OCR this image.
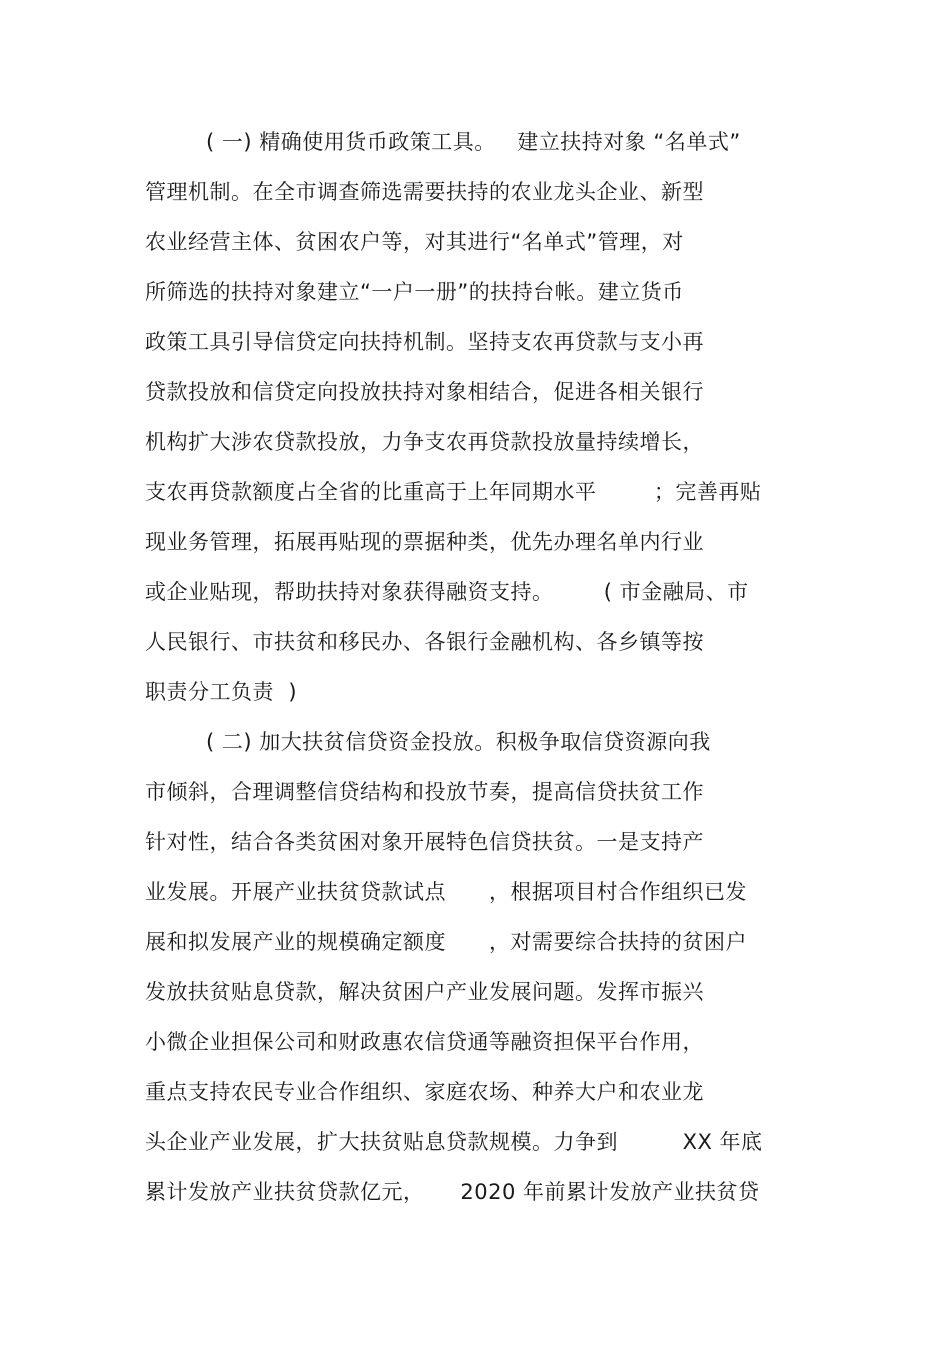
( 一) 精确使用货币政策工具。   建立扶持对象 “名单式”
管理机制。在全市调查筛选需要扶持的农业龙头企业、新型
农业经营主体、贫困农户等，对其进行“名单式”管理，对
所筛选的扶持对象建立“一户一册”的扶持台帐。建立货币
政策工具引导信贷定向扶持机制。坚持支农再贷款与支小再
贷款投放和信贷定向投放扶持对象相结合，促进各相关银行
机构扩大涉农贷款投放，力争支农再贷款投放量持续增长，
支农再贷款额度占全省的比重高于上年同期水平        ；完善再贴
现业务管理，拓展再贴现的票据种类，优先办理名单内行业
或企业贴现，帮助扶持对象获得融资支持。       ( 市金融局、市
人民银行、市扶贫和移民办、各银行金融机构、各乡镇等按
职责分工负责  )
( 二) 加大扶贫信贷资金投放。积极争取信贷资源向我
市倾斜，合理调整信贷结构和投放节奏，提高信贷扶贫工作
针对性，结合各类贫困对象开展特色信贷扶贫。一是支持产
业发展。开展产业扶贫贷款试点      ，根据项目村合作组织已发
展和拟发展产业的规模确定额度      ，对需要综合扶持的贫困户
发放扶贫贴息贷款，解决贫困户产业发展问题。发挥市振兴
小微企业担保公司和财政惠农信贷通等融资担保平台作用，
重点支持农民专业合作组织、家庭农场、种养大户和农业龙
头企业产业发展，扩大扶贫贴息贷款规模。力争到         XX 年底
累计发放产业扶贫贷款亿元，     2020 年前累计发放产业扶贫贷
